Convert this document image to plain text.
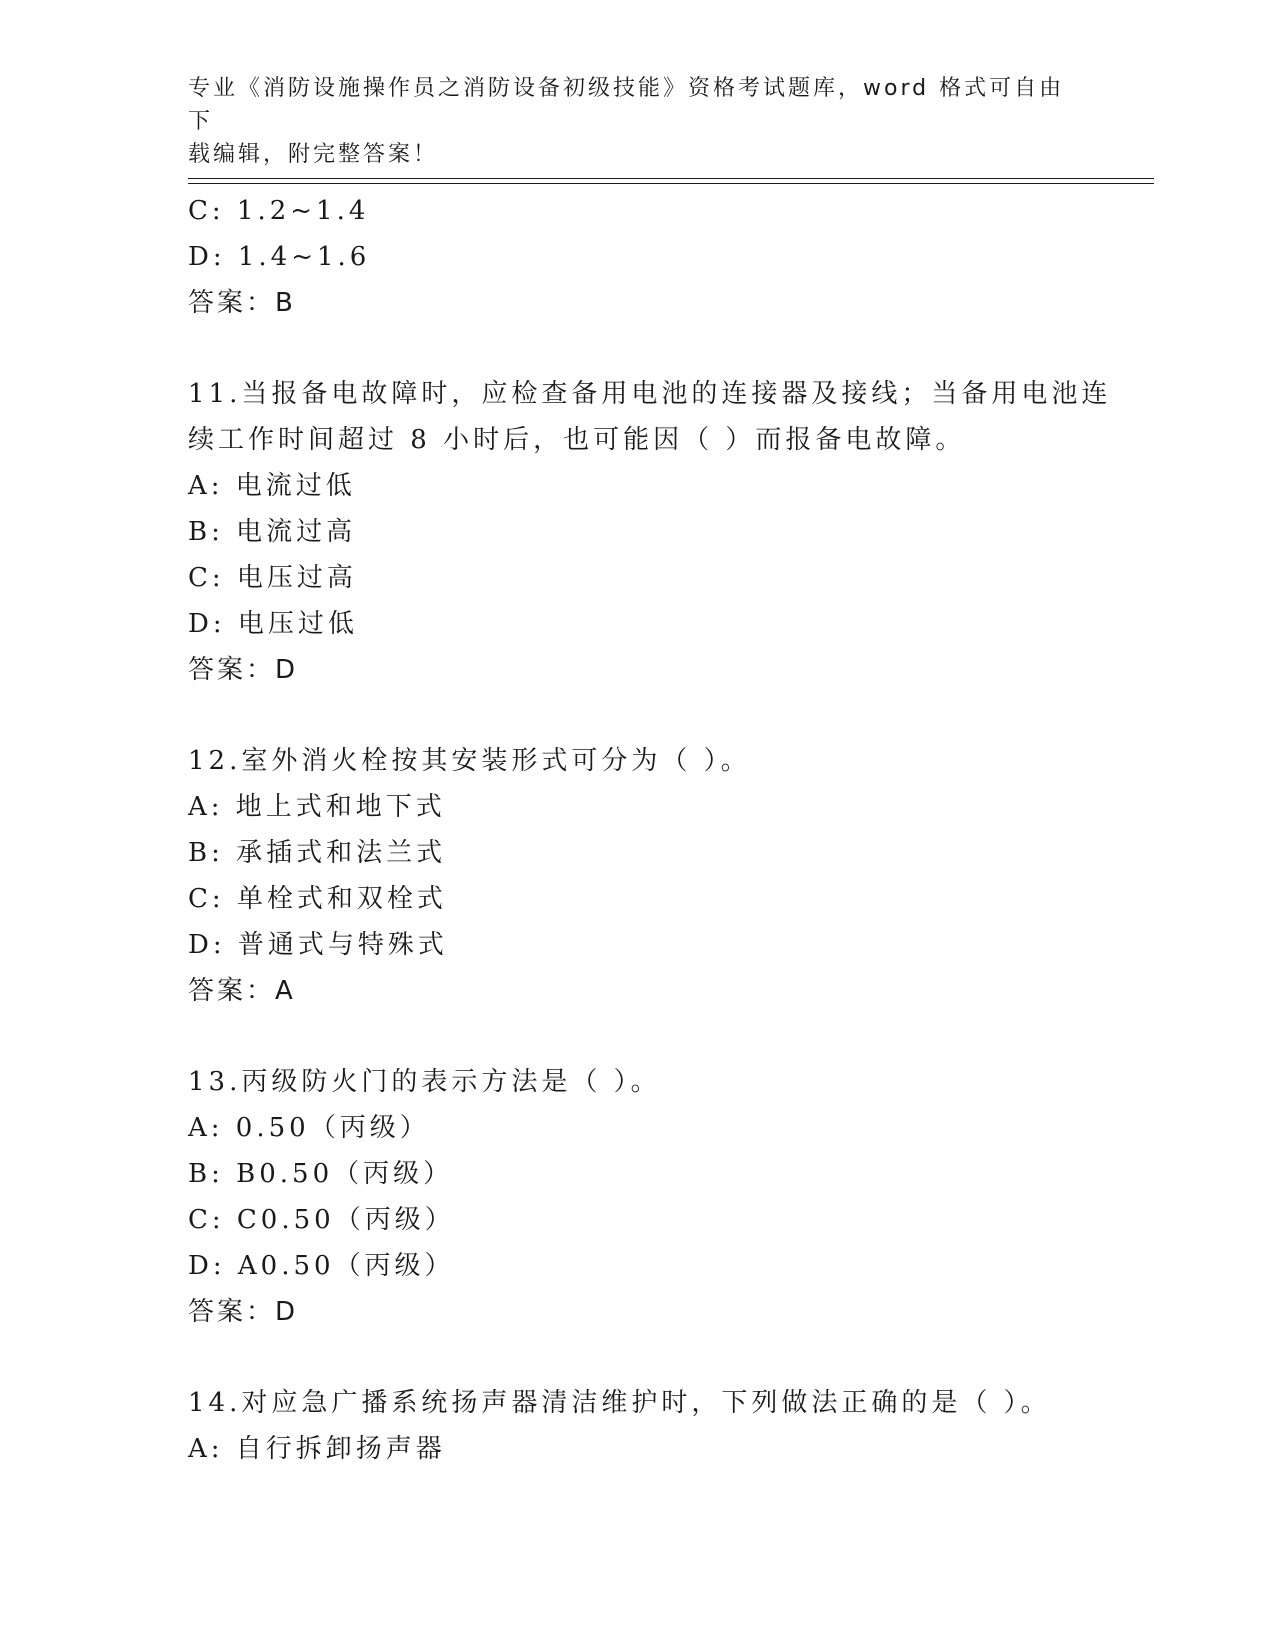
专业《消防设施操作员之消防设备初级技能》资格考试题库，word 格式可自由下
载编辑，附完整答案！
C: 1.2~1.4
D: 1.4~1.6
答案：B
11.当报备电故障时，应检查备用电池的连接器及接线；当备用电池连
续工作时间超过 8 小时后，也可能因（ ）而报备电故障。
A: 电流过低
B: 电流过高
C: 电压过高
D: 电压过低
答案：D
12.室外消火栓按其安装形式可分为（ ）。
A: 地上式和地下式
B: 承插式和法兰式
C: 单栓式和双栓式
D: 普通式与特殊式
答案：A
13.丙级防火门的表示方法是（ ）。
A: 0.50（丙级）
B: B0.50（丙级）
C: C0.50（丙级）
D: A0.50（丙级）
答案：D
14.对应急广播系统扬声器清洁维护时，下列做法正确的是（ ）。
A: 自行拆卸扬声器
